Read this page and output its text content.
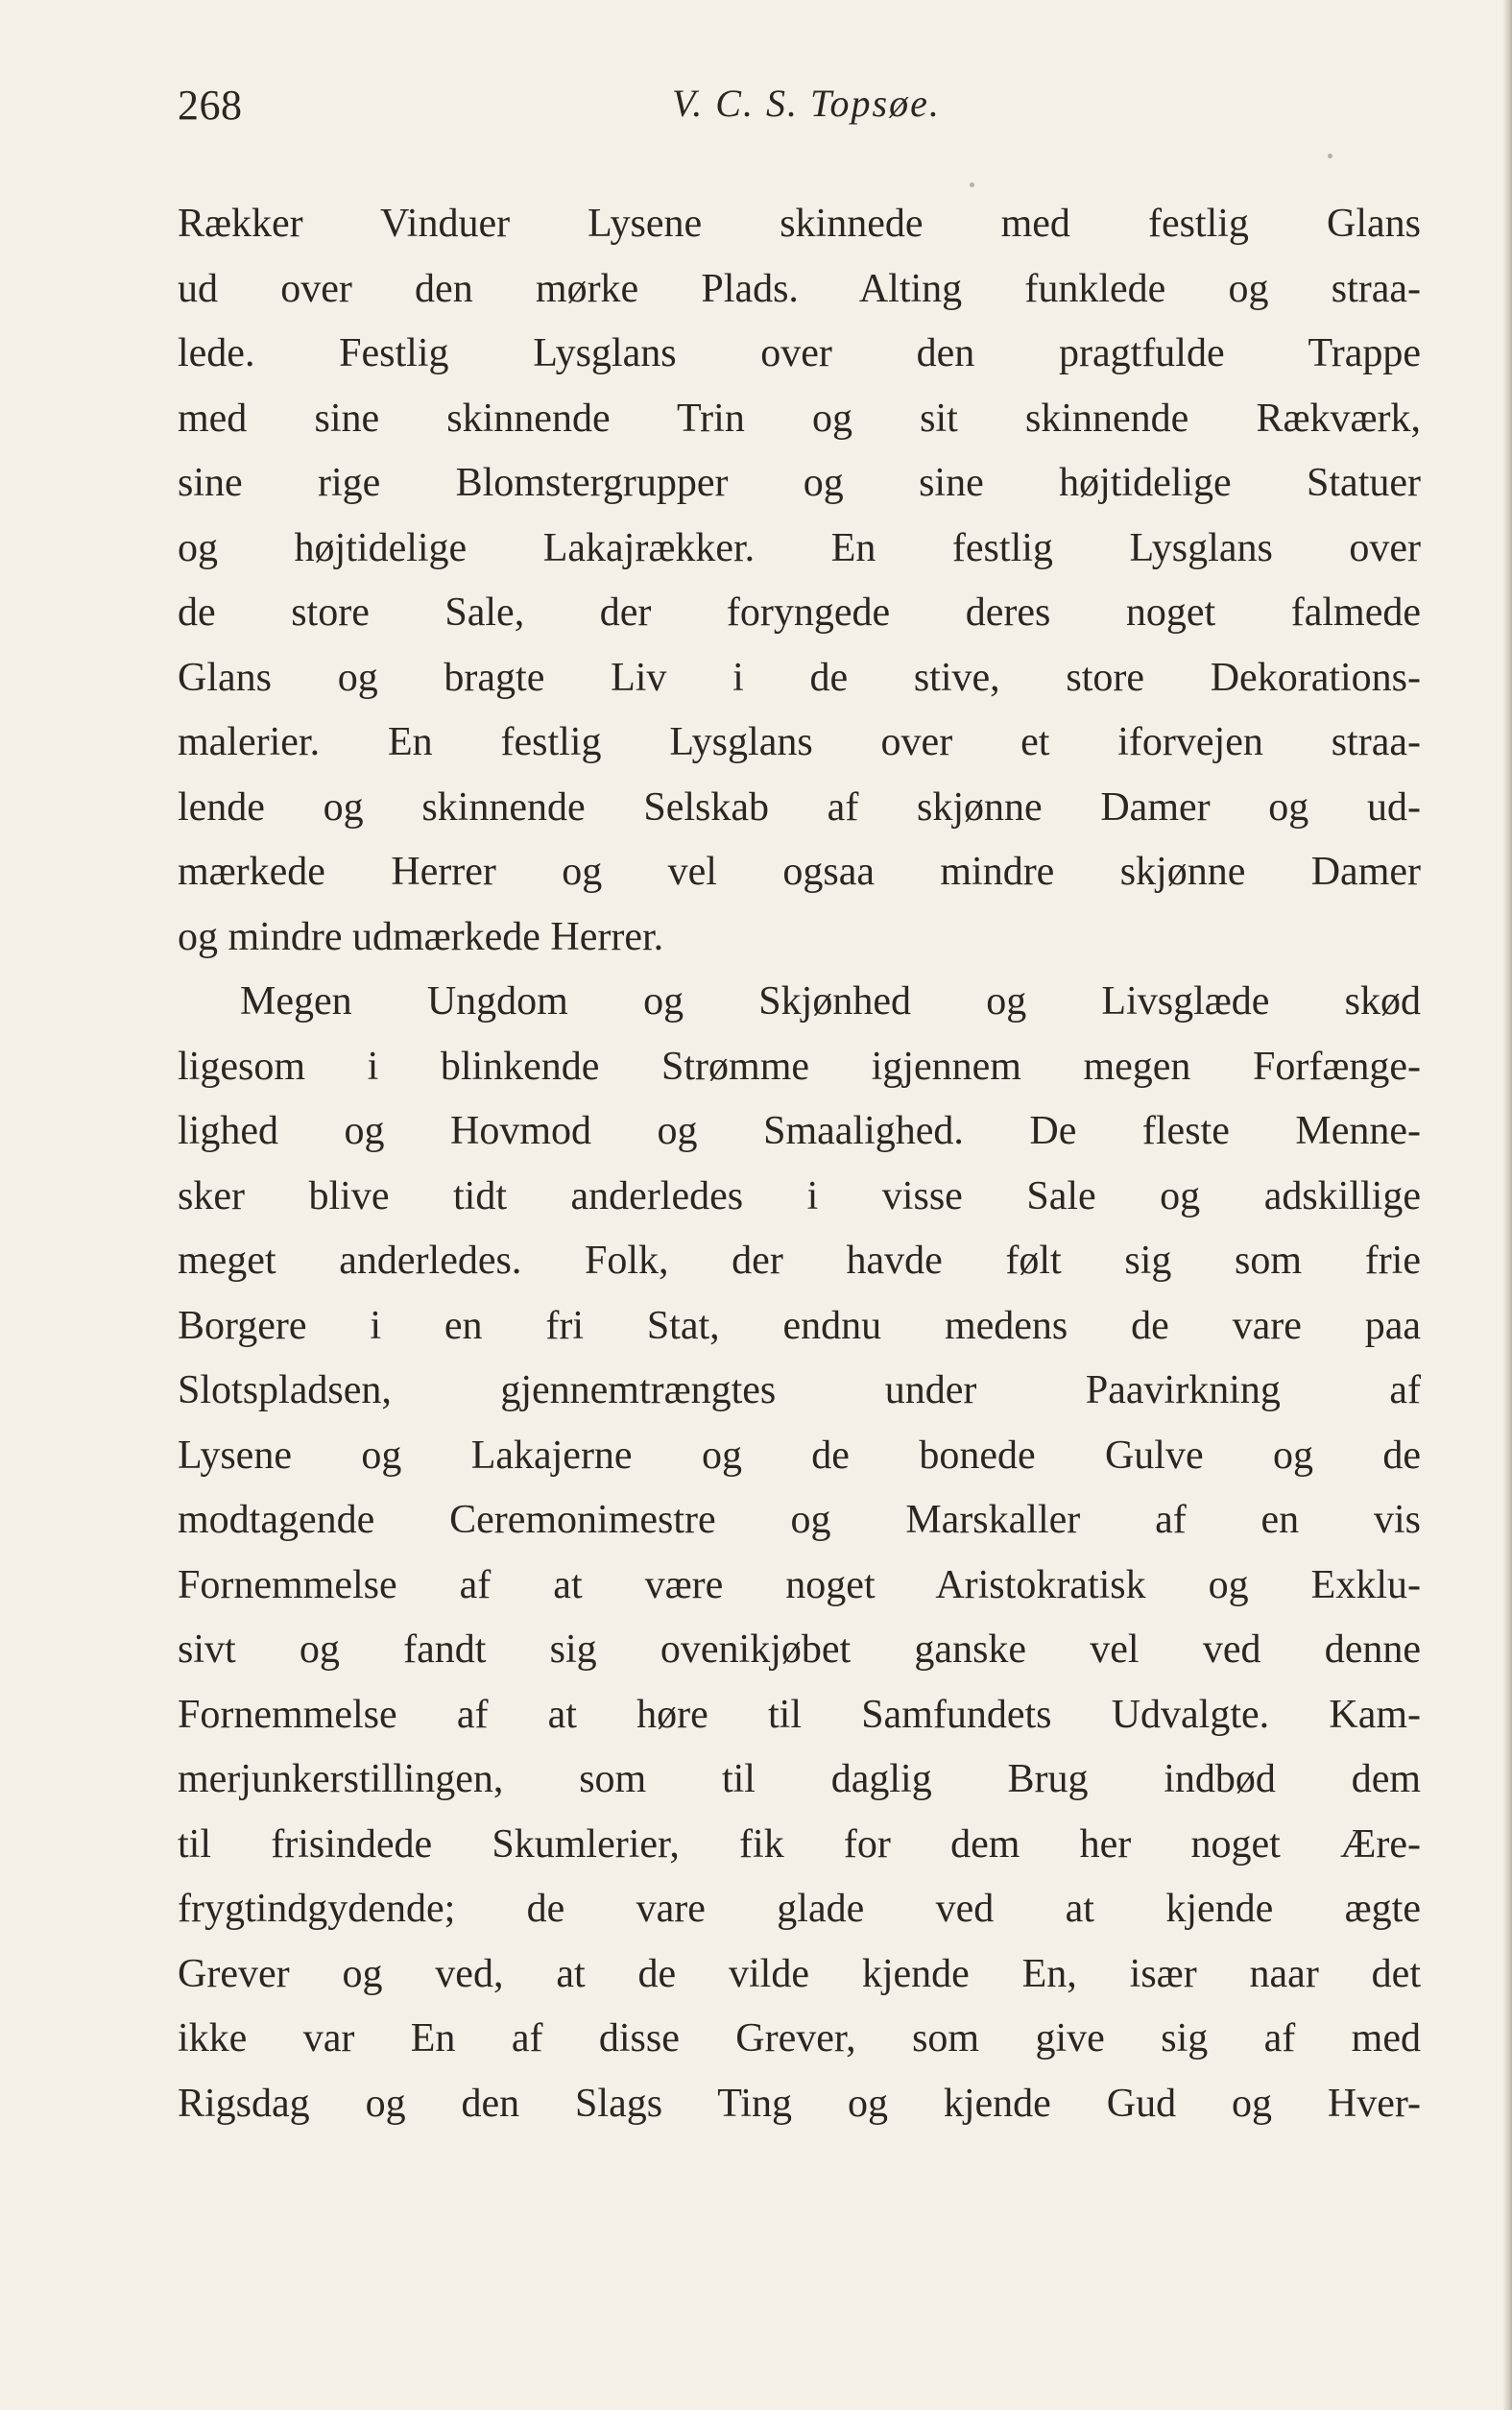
268	V. C. S. Topsøe.
Rækker Vinduer Lysene skinnede med festlig Glans
ud over den mørke Plads. Alting funklede og straa-
lede. Festlig Lysglans over den pragtfulde Trappe
med sine skinnende Trin og sit skinnende Rækværk,
sine rige Blomstergrupper og sine højtidelige Statuer
og højtidelige Lakajrækker. En festlig Lysglans over
de store Sale, der foryngede deres noget falmede
Glans og bragte Liv i de stive, store Dekorations-
malerier. En festlig Lysglans over et iforvejen straa-
lende og skinnende Selskab af skjønne Damer og ud-
mærkede Herrer og vel ogsaa mindre skjønne Damer
og mindre udmærkede Herrer.
Megen Ungdom og Skjønhed og Livsglæde skød
ligesom i blinkende Strømme igjennem megen Forfænge-
lighed og Hovmod og Smaalighed. De fleste Menne-
sker blive tidt anderledes i visse Sale og adskillige
meget anderledes. Folk, der havde følt sig som frie
Borgere i en fri Stat, endnu medens de vare paa
Slotspladsen, gjennemtrængtes under Paavirkning af
Lysene og Lakajerne og de bonede Gulve og de
modtagende Ceremonimestre og Marskaller af en vis
Fornemmelse af at være noget Aristokratisk og Exklu-
sivt og fandt sig ovenikjøbet ganske vel ved denne
Fornemmelse af at høre til Samfundets Udvalgte. Kam-
merjunkerstillingen, som til daglig Brug indbød dem
til frisindede Skumlerier, fik for dem her noget Ære-
frygtindgydende; de vare glade ved at kjende ægte
Grever og ved, at de vilde kjende En, især naar det
ikke var En af disse Grever, som give sig af med
Rigsdag og den Slags Ting og kjende Gud og Hver-
